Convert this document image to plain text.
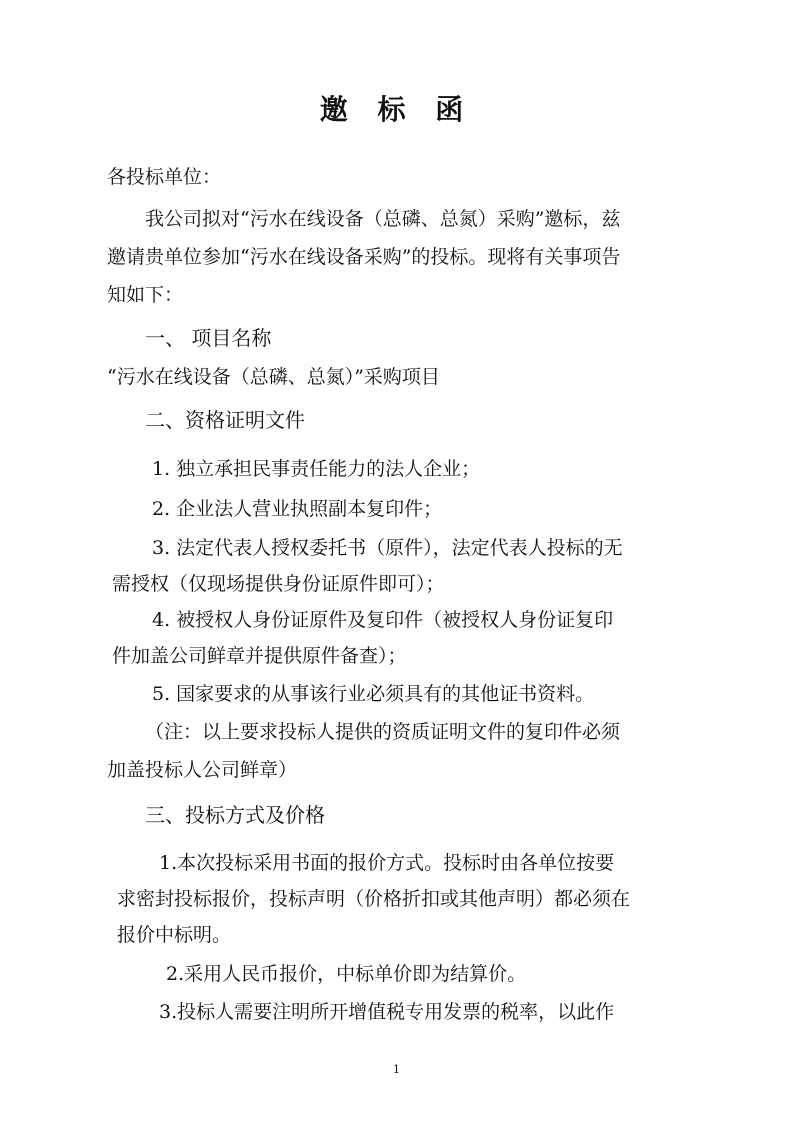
邀 标 函
各投标单位：
我公司拟对“污水在线设备（总磷、总氮）采购”邀标，兹
邀请贵单位参加“污水在线设备采购”的投标。现将有关事项告
知如下：
一、 项目名称
“污水在线设备（总磷、总氮）”采购项目
二、资格证明文件
1. 独立承担民事责任能力的法人企业；
2. 企业法人营业执照副本复印件；
3. 法定代表人授权委托书（原件），法定代表人投标的无
需授权（仅现场提供身份证原件即可）；
4. 被授权人身份证原件及复印件（被授权人身份证复印
件加盖公司鲜章并提供原件备查）；
5. 国家要求的从事该行业必须具有的其他证书资料。
（注：以上要求投标人提供的资质证明文件的复印件必须
加盖投标人公司鲜章）
三、投标方式及价格
1.本次投标采用书面的报价方式。投标时由各单位按要
求密封投标报价，投标声明（价格折扣或其他声明）都必须在
报价中标明。
2.采用人民币报价，中标单价即为结算价。
3.投标人需要注明所开增值税专用发票的税率，以此作
1
